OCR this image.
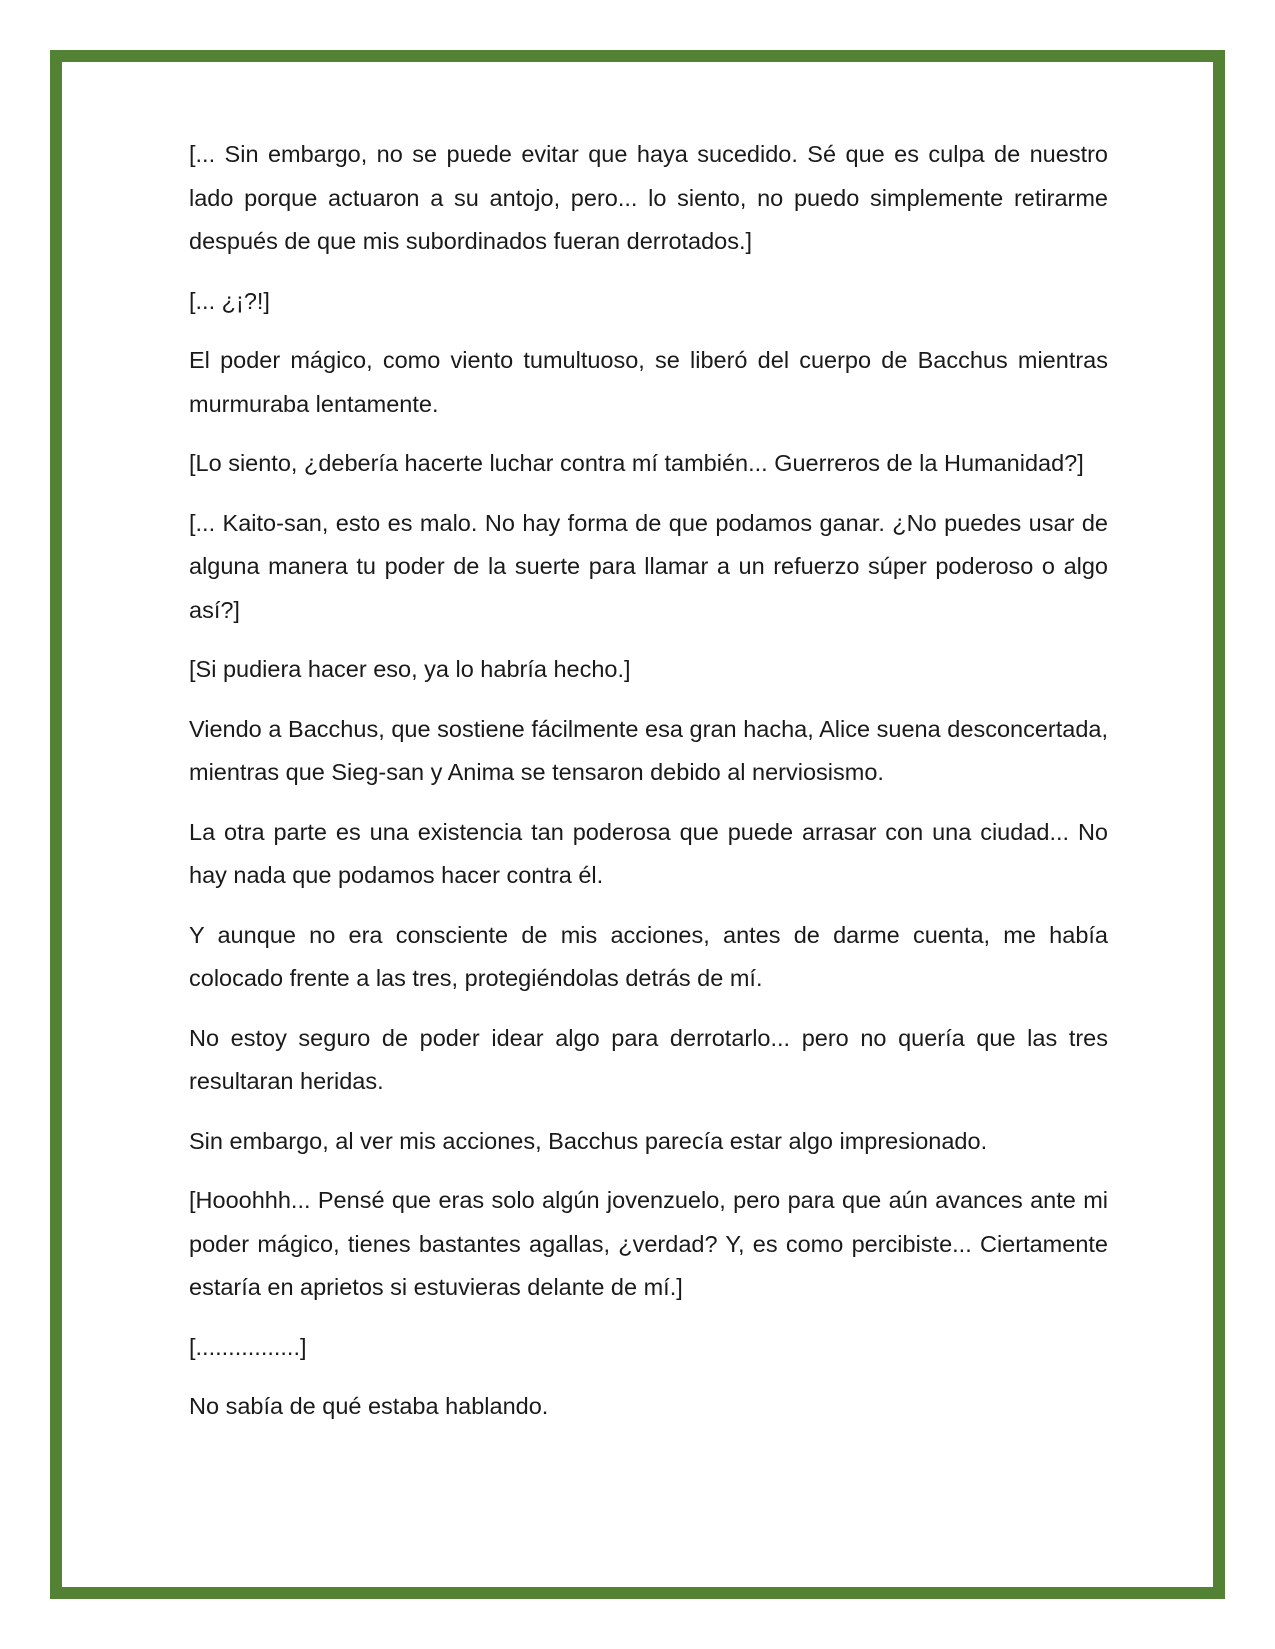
[... Sin embargo, no se puede evitar que haya sucedido. Sé que es culpa de nuestro lado porque actuaron a su antojo, pero... lo siento, no puedo simplemente retirarme después de que mis subordinados fueran derrotados.]

[... ¿¡?!]

El poder mágico, como viento tumultuoso, se liberó del cuerpo de Bacchus mientras murmuraba lentamente.

[Lo siento, ¿debería hacerte luchar contra mí también... Guerreros de la Humanidad?]

[... Kaito-san, esto es malo. No hay forma de que podamos ganar. ¿No puedes usar de alguna manera tu poder de la suerte para llamar a un refuerzo súper poderoso o algo así?]

[Si pudiera hacer eso, ya lo habría hecho.]

Viendo a Bacchus, que sostiene fácilmente esa gran hacha, Alice suena desconcertada, mientras que Sieg-san y Anima se tensaron debido al nerviosismo.

La otra parte es una existencia tan poderosa que puede arrasar con una ciudad... No hay nada que podamos hacer contra él.

Y aunque no era consciente de mis acciones, antes de darme cuenta, me había colocado frente a las tres, protegiéndolas detrás de mí.

No estoy seguro de poder idear algo para derrotarlo... pero no quería que las tres resultaran heridas.

Sin embargo, al ver mis acciones, Bacchus parecía estar algo impresionado.

[Hooohhh... Pensé que eras solo algún jovenzuelo, pero para que aún avances ante mi poder mágico, tienes bastantes agallas, ¿verdad? Y, es como percibiste... Ciertamente estaría en aprietos si estuvieras delante de mí.]

[................]

No sabía de qué estaba hablando.
